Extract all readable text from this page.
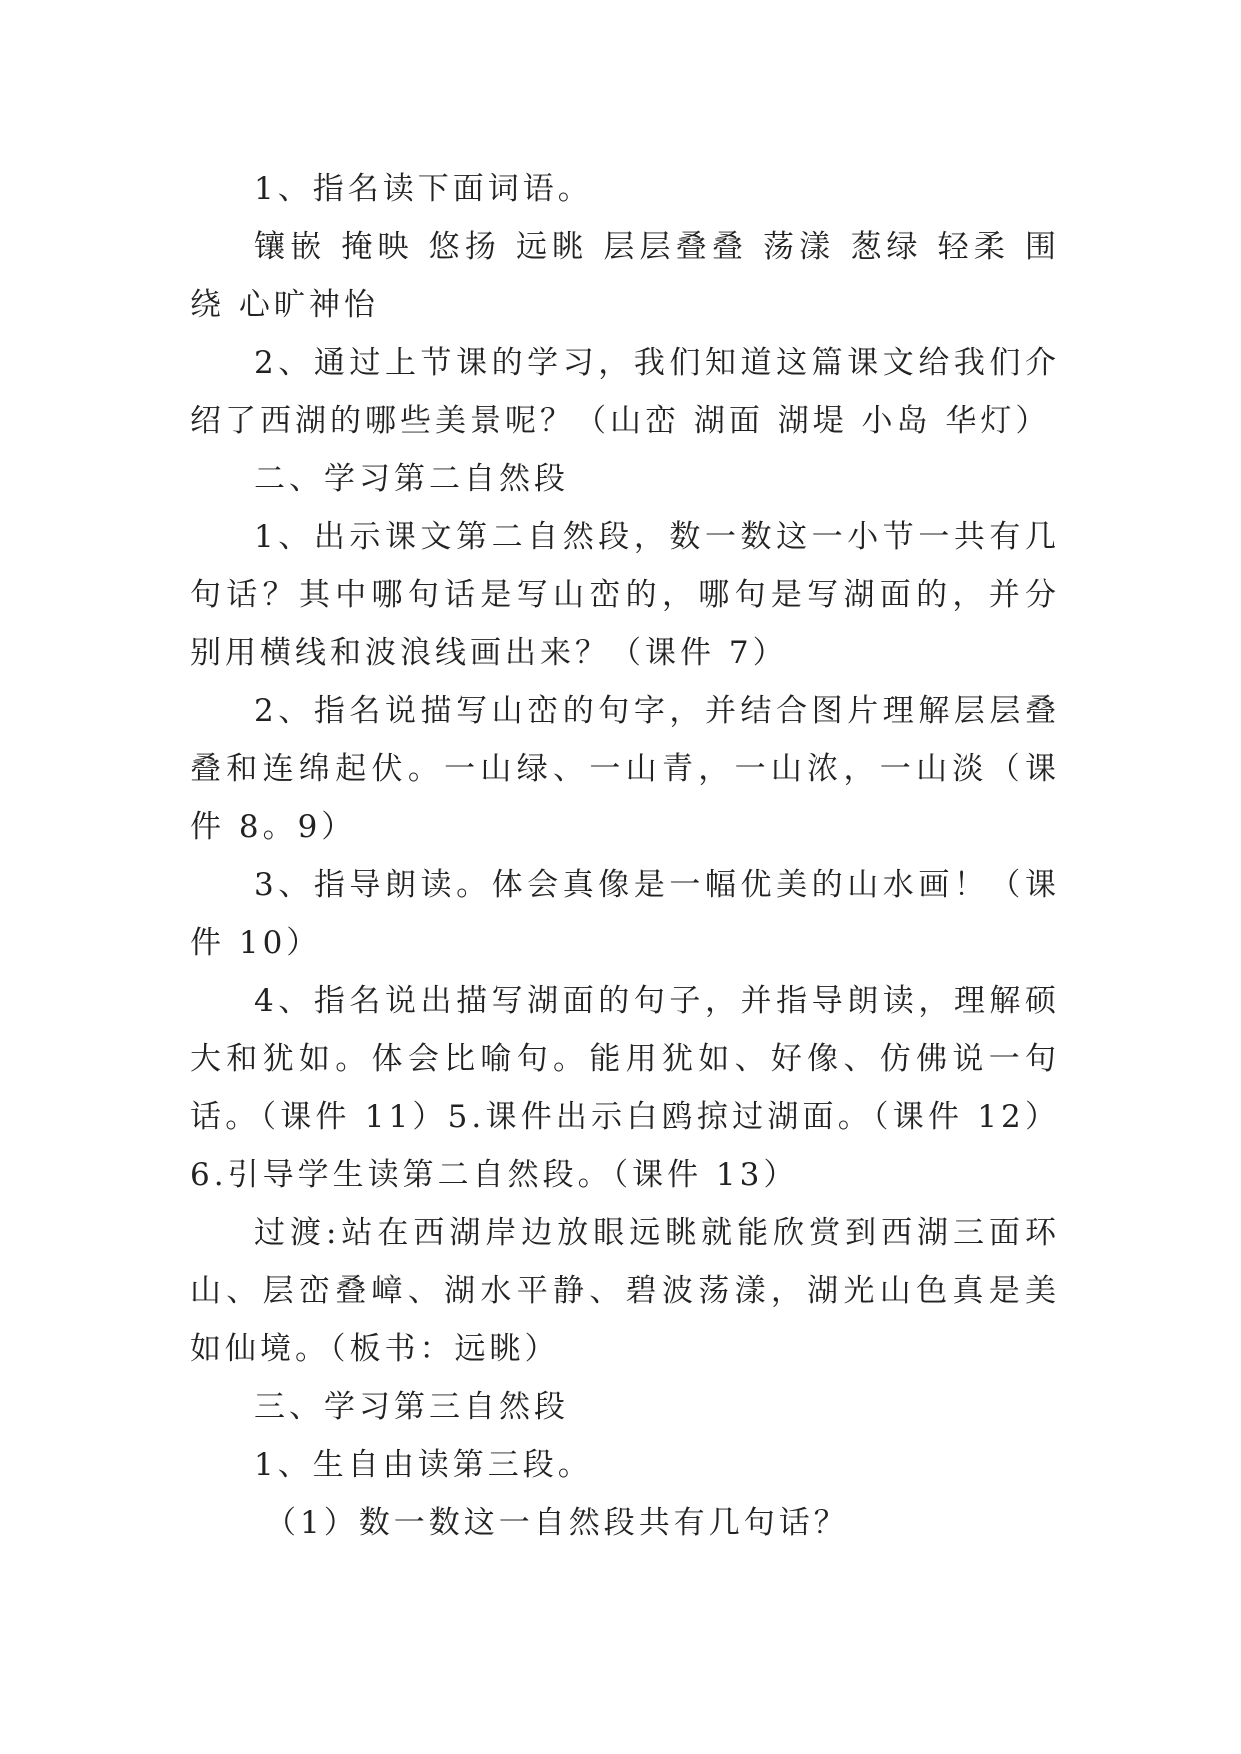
1、指名读下面词语。

镶嵌 掩映 悠扬 远眺 层层叠叠 荡漾 葱绿 轻柔 围绕 心旷神怡

2、通过上节课的学习，我们知道这篇课文给我们介绍了西湖的哪些美景呢？（山峦 湖面 湖堤 小岛 华灯）

二、学习第二自然段

1、出示课文第二自然段，数一数这一小节一共有几句话？其中哪句话是写山峦的，哪句是写湖面的，并分别用横线和波浪线画出来？（课件 7）

2、指名说描写山峦的句字，并结合图片理解层层叠叠和连绵起伏。一山绿、一山青，一山浓，一山淡（课件 8。9）

3、指导朗读。体会真像是一幅优美的山水画！（课件 10）

4、指名说出描写湖面的句子，并指导朗读，理解硕大和犹如。体会比喻句。能用犹如、好像、仿佛说一句话。（课件 11）5.课件出示白鸥掠过湖面。（课件 12）6.引导学生读第二自然段。（课件 13）

过渡:站在西湖岸边放眼远眺就能欣赏到西湖三面环山、层峦叠嶂、湖水平静、碧波荡漾，湖光山色真是美如仙境。（板书：远眺）

三、学习第三自然段

1、生自由读第三段。

（1）数一数这一自然段共有几句话？
